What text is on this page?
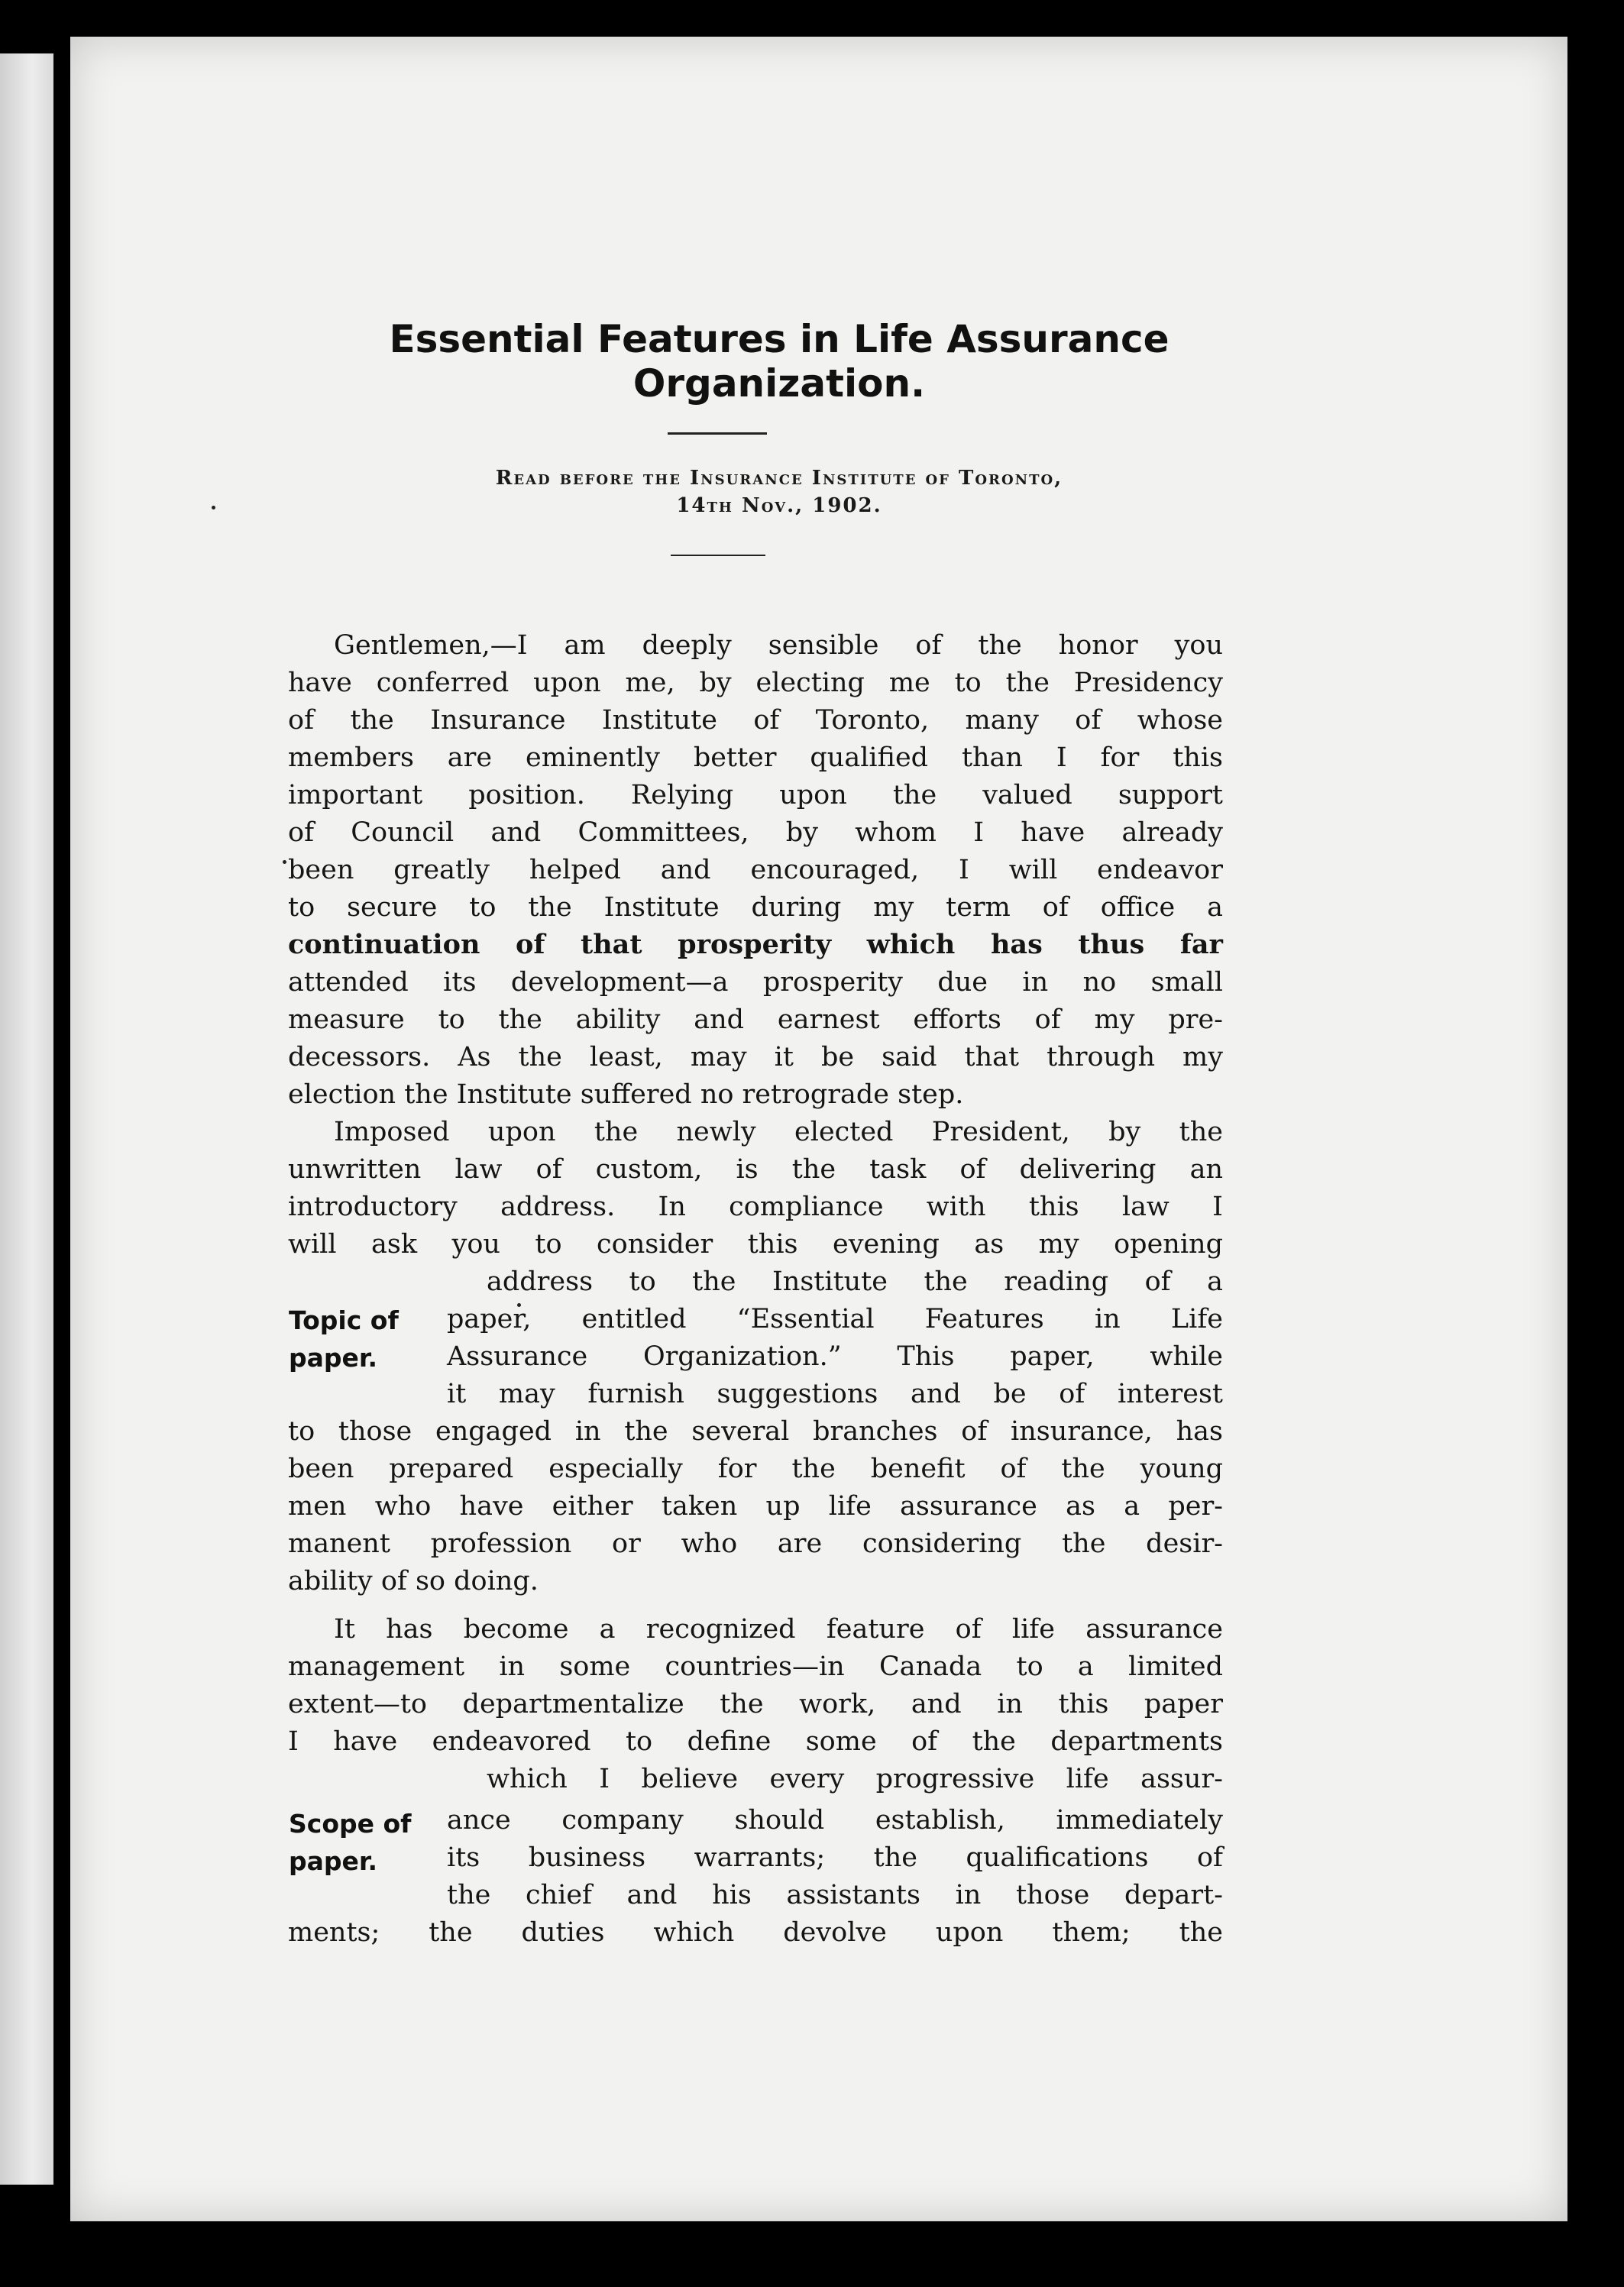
Essential Features in Life Assurance
Organization.
Read before the Insurance Institute of Toronto,
14th Nov., 1902.
Gentlemen,—I am deeply sensible of the honor you
have conferred upon me, by electing me to the Presidency
of the Insurance Institute of Toronto, many of whose
members are eminently better qualified than I for this
important position. Relying upon the valued support
of Council and Committees, by whom I have already
been greatly helped and encouraged, I will endeavor
to secure to the Institute during my term of office a
continuation of that prosperity which has thus far
attended its development—a prosperity due in no small
measure to the ability and earnest efforts of my pre-
decessors. As the least, may it be said that through my
election the Institute suffered no retrograde step.
Imposed upon the newly elected President, by the
unwritten law of custom, is the task of delivering an
introductory address. In compliance with this law I
will ask you to consider this evening as my opening
address to the Institute the reading of a
Topic of
paper.
paper, entitled “Essential Features in Life
Assurance Organization.” This paper, while
it may furnish suggestions and be of interest
to those engaged in the several branches of insurance, has
been prepared especially for the benefit of the young
men who have either taken up life assurance as a per-
manent profession or who are considering the desir-
ability of so doing.
It has become a recognized feature of life assurance
management in some countries—in Canada to a limited
extent—to departmentalize the work, and in this paper
I have endeavored to define some of the departments
which I believe every progressive life assur-
Scope of
paper.
ance company should establish, immediately
its business warrants; the qualifications of
the chief and his assistants in those depart-
ments; the duties which devolve upon them; the
